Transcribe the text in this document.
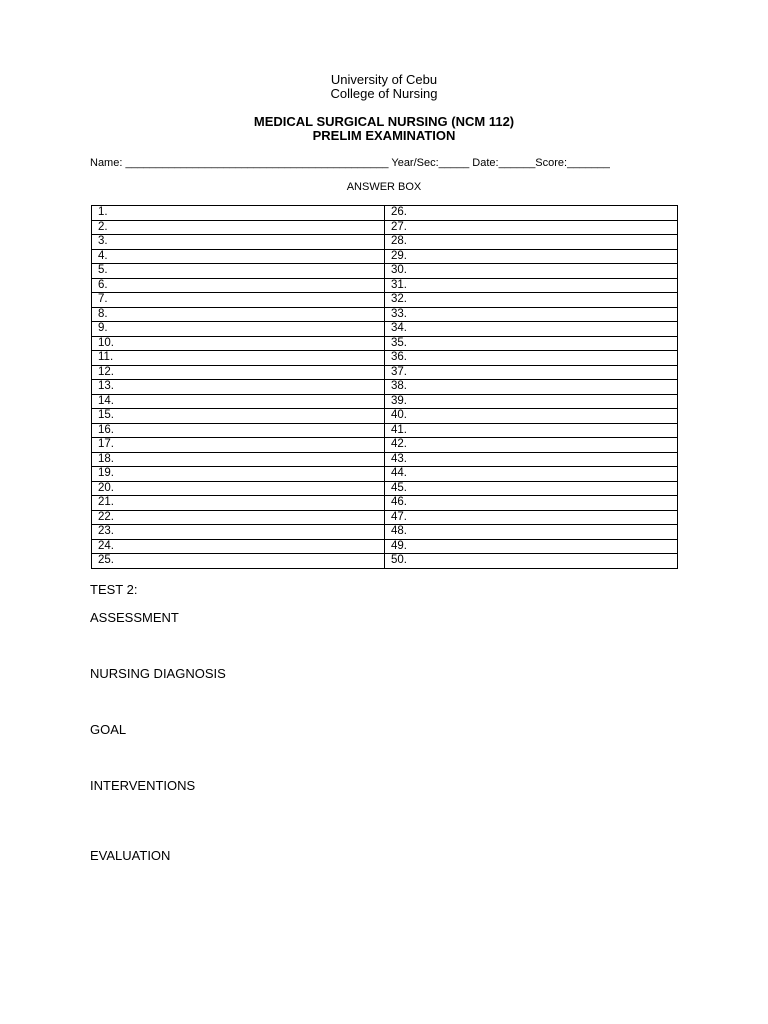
University of Cebu
College of Nursing
MEDICAL SURGICAL NURSING (NCM 112)
PRELIM EXAMINATION
Name: ___________________________________________ Year/Sec:_____ Date:______Score:_______
ANSWER BOX
1.	26.
2.	27.
3.	28.
4.	29.
5.	30.
6.	31.
7.	32.
8.	33.
9.	34.
10.	35.
11.	36.
12.	37.
13.	38.
14.	39.
15.	40.
16.	41.
17.	42.
18.	43.
19.	44.
20.	45.
21.	46.
22.	47.
23.	48.
24.	49.
25.	50.
TEST 2:
ASSESSMENT
NURSING DIAGNOSIS
GOAL
INTERVENTIONS
EVALUATION
